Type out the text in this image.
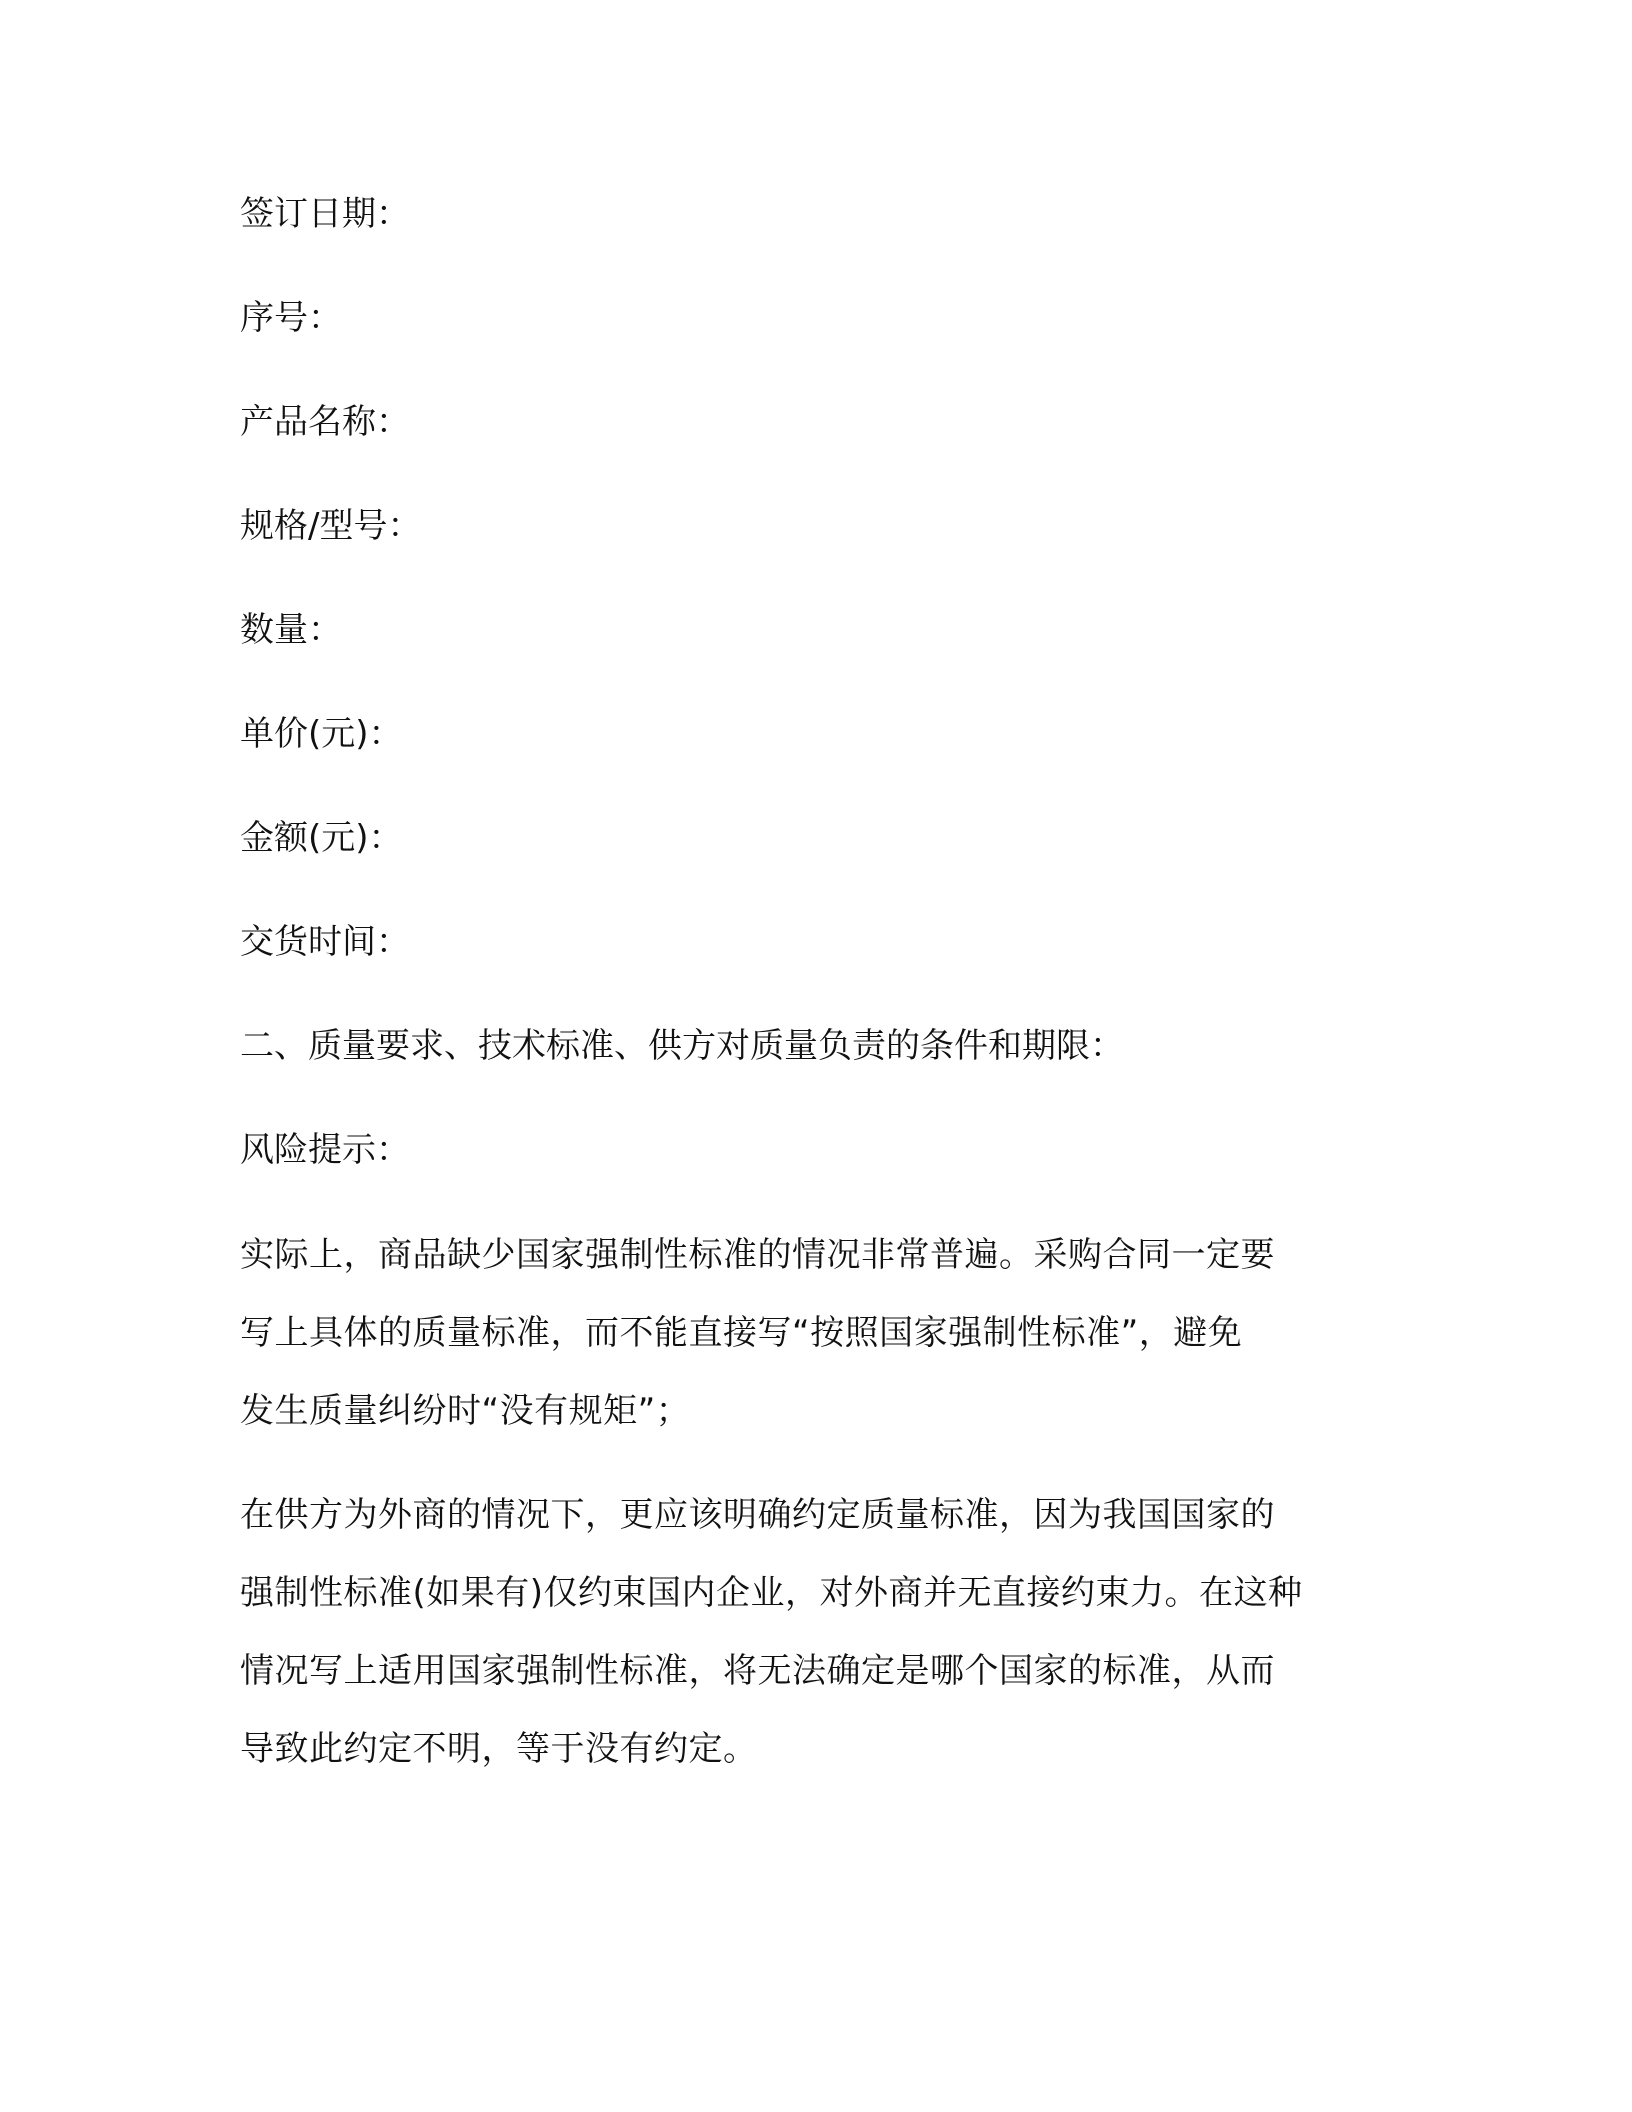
签订日期：
序号：
产品名称：
规格/型号：
数量：
单价(元)：
金额(元)：
交货时间：
二、质量要求、技术标准、供方对质量负责的条件和期限：
风险提示：
实际上，商品缺少国家强制性标准的情况非常普遍。采购合同一定要
写上具体的质量标准，而不能直接写“按照国家强制性标准”，避免
发生质量纠纷时“没有规矩”；
在供方为外商的情况下，更应该明确约定质量标准，因为我国国家的
强制性标准(如果有)仅约束国内企业，对外商并无直接约束力。在这种
情况写上适用国家强制性标准，将无法确定是哪个国家的标准，从而
导致此约定不明，等于没有约定。
